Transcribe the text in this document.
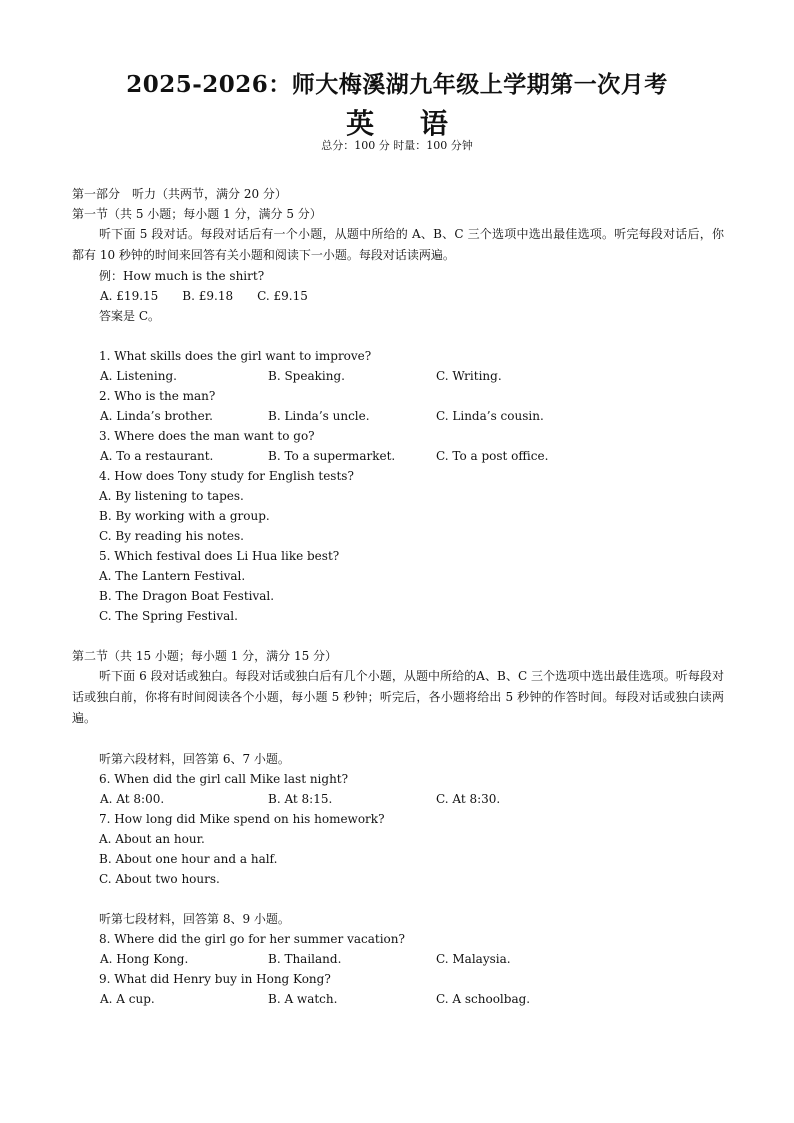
2025-2026：师大梅溪湖九年级上学期第一次月考
英 语
总分：100 分 时量：100 分钟
第一部分　听力（共两节，满分 20 分）
第一节（共 5 小题；每小题 1 分，满分 5 分）
听下面 5 段对话。每段对话后有一个小题，从题中所给的 A、B、C 三个选项中选出最佳选项。听完每段对话后，你都有 10 秒钟的时间来回答有关小题和阅读下一小题。每段对话读两遍。
例：How much is the shirt?
A. £19.15 B. £9.18 C. £9.15
答案是 C。
1. What skills does the girl want to improve?
A. Listening.	B. Speaking.	C. Writing.
2. Who is the man?
A. Linda’s brother.	B. Linda’s uncle.	C. Linda’s cousin.
3. Where does the man want to go?
A. To a restaurant.	B. To a supermarket.	C. To a post office.
4. How does Tony study for English tests?
A. By listening to tapes.
B. By working with a group.
C. By reading his notes.
5. Which festival does Li Hua like best?
A. The Lantern Festival.
B. The Dragon Boat Festival.
C. The Spring Festival.
第二节（共 15 小题；每小题 1 分，满分 15 分）
听下面 6 段对话或独白。每段对话或独白后有几个小题，从题中所给的A、B、C 三个选项中选出最佳选项。听每段对话或独白前，你将有时间阅读各个小题，每小题 5 秒钟；听完后，各小题将给出 5 秒钟的作答时间。每段对话或独白读两遍。
听第六段材料，回答第 6、7 小题。
6. When did the girl call Mike last night?
A. At 8:00.	B. At 8:15.	C. At 8:30.
7. How long did Mike spend on his homework?
A. About an hour.
B. About one hour and a half.
C. About two hours.
听第七段材料，回答第 8、9 小题。
8. Where did the girl go for her summer vacation?
A. Hong Kong.	B. Thailand.	C. Malaysia.
9. What did Henry buy in Hong Kong?
A. A cup.	B. A watch.	C. A schoolbag.
